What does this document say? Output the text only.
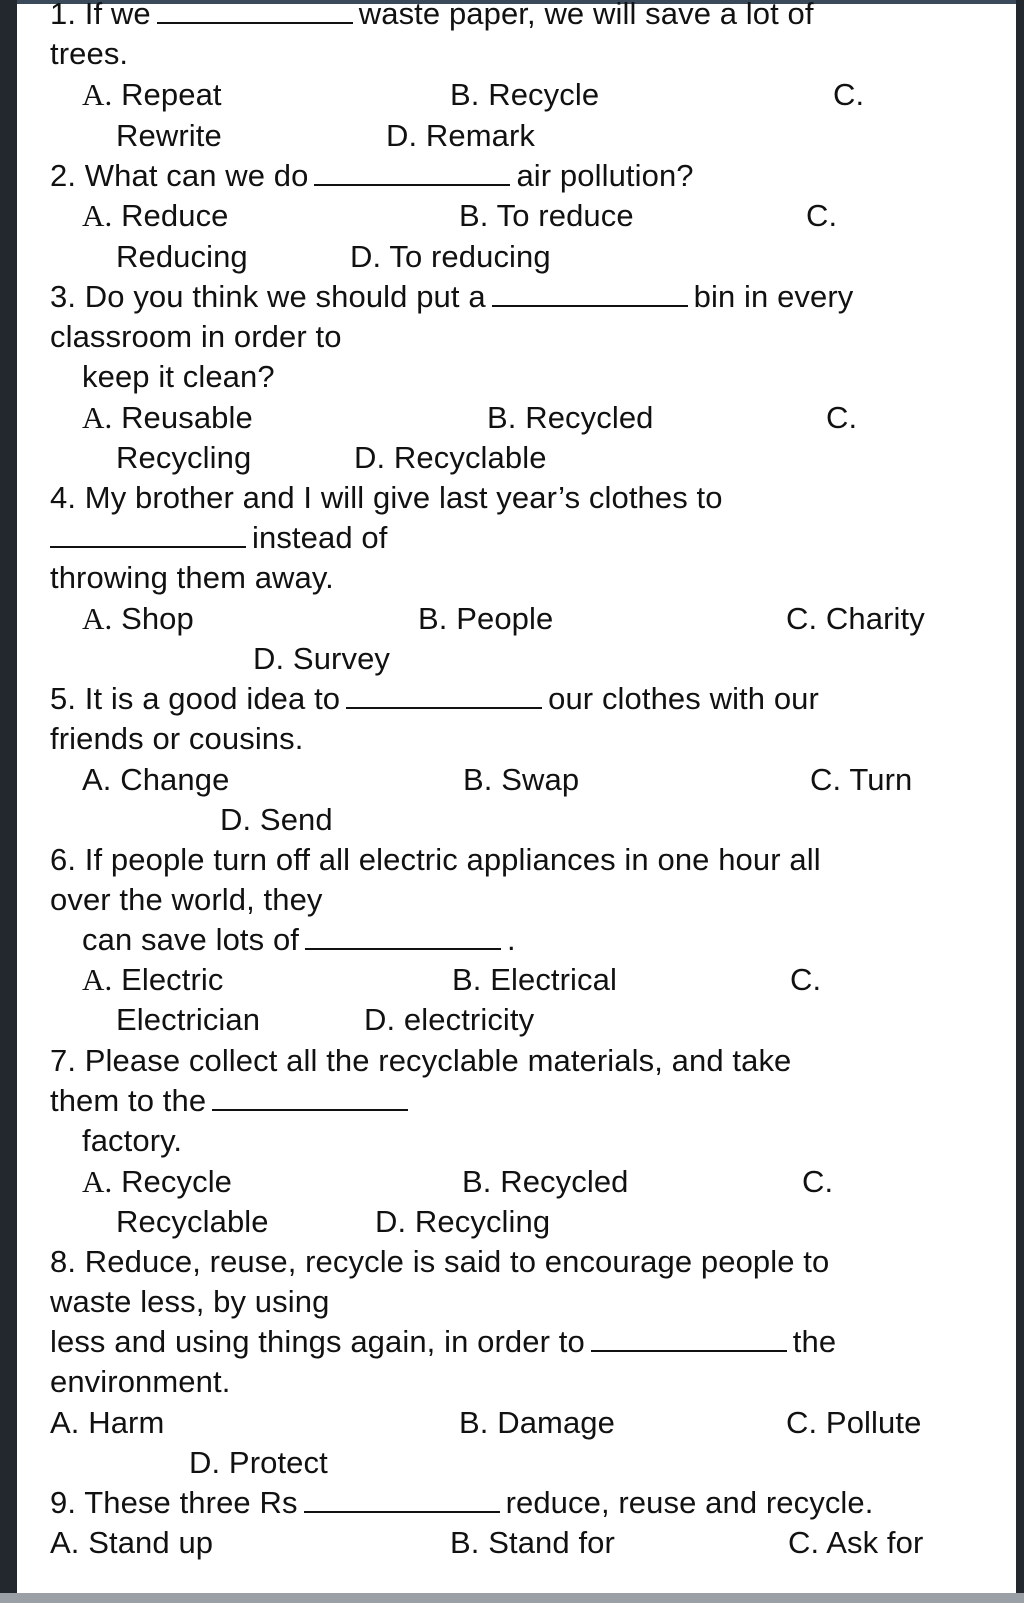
1. If we	waste paper, we will save a lot of
trees.
A. Repeat	B. Recycle	C.
Rewrite	D. Remark
2. What can we do	air pollution?
A. Reduce	B. To reduce	C.
Reducing	D. To reducing
3. Do you think we should put a	bin in every
classroom in order to
keep it clean?
A. Reusable	B. Recycled	C.
Recycling	D. Recyclable
4. My brother and I will give last year’s clothes to
instead of
throwing them away.
A. Shop	B. People	C. Charity
D. Survey
5. It is a good idea to	our clothes with our
friends or cousins.
A. Change	B. Swap	C. Turn
D. Send
6. If people turn off all electric appliances in one hour all
over the world, they
can save lots of	.
A. Electric	B. Electrical	C.
Electrician	D. electricity
7. Please collect all the recyclable materials, and take
them to the
factory.
A. Recycle	B. Recycled	C.
Recyclable	D. Recycling
8. Reduce, reuse, recycle is said to encourage people to
waste less, by using
less and using things again, in order to	the
environment.
A. Harm	B. Damage	C. Pollute
D. Protect
9. These three Rs	reduce, reuse and recycle.
A. Stand up	B. Stand for	C. Ask for
